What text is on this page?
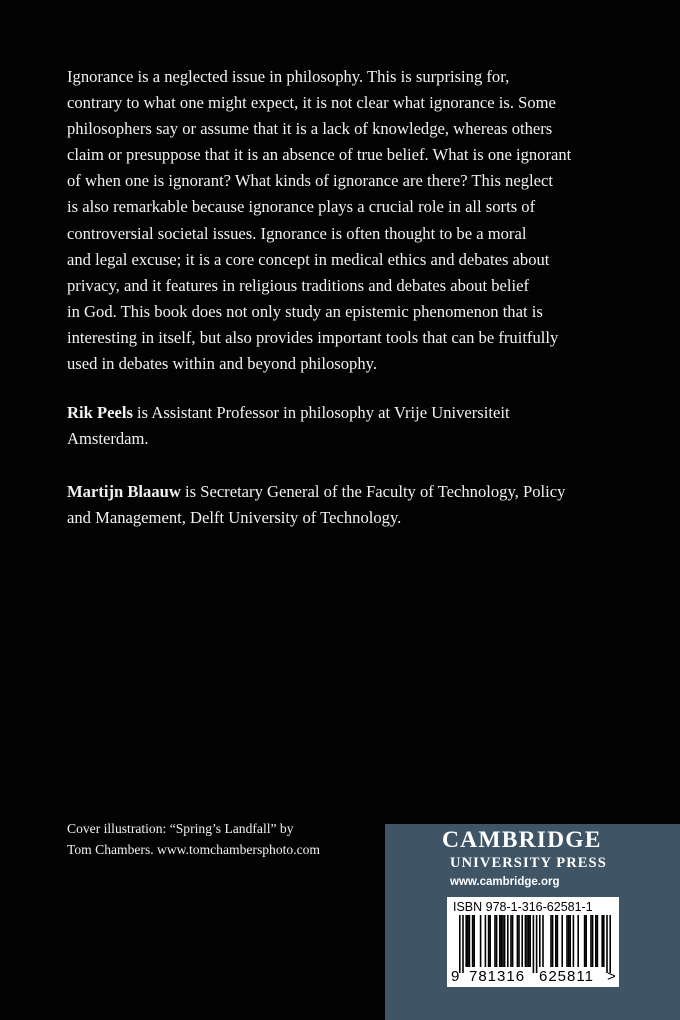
Ignorance is a neglected issue in philosophy. This is surprising for,

contrary to what one might expect, it is not clear what ignorance is. Some

philosophers say or assume that it is a lack of knowledge, whereas others

claim or presuppose that it is an absence of true belief. What is one ignorant

of when one is ignorant? What kinds of ignorance are there? This neglect

is also remarkable because ignorance plays a crucial role in all sorts of

controversial societal issues. Ignorance is often thought to be a moral

and legal excuse; it is a core concept in medical ethics and debates about

privacy, and it features in religious traditions and debates about belief

in God. This book does not only study an epistemic phenomenon that is

interesting in itself, but also provides important tools that can be fruitfully

used in debates within and beyond philosophy.

Rik Peels is Assistant Professor in philosophy at Vrije Universiteit

Amsterdam.

Martijn Blaauw is Secretary General of the Faculty of Technology, Policy

and Management, Delft University of Technology.

Cover illustration: “Spring’s Landfall” by

Tom Chambers. www.tomchambersphoto.com	CAMBRIDGE
UNIVERSITY PRESS
www.cambridge.org
ISBN 978-1-316-62581-1
9 781316 625811 >
